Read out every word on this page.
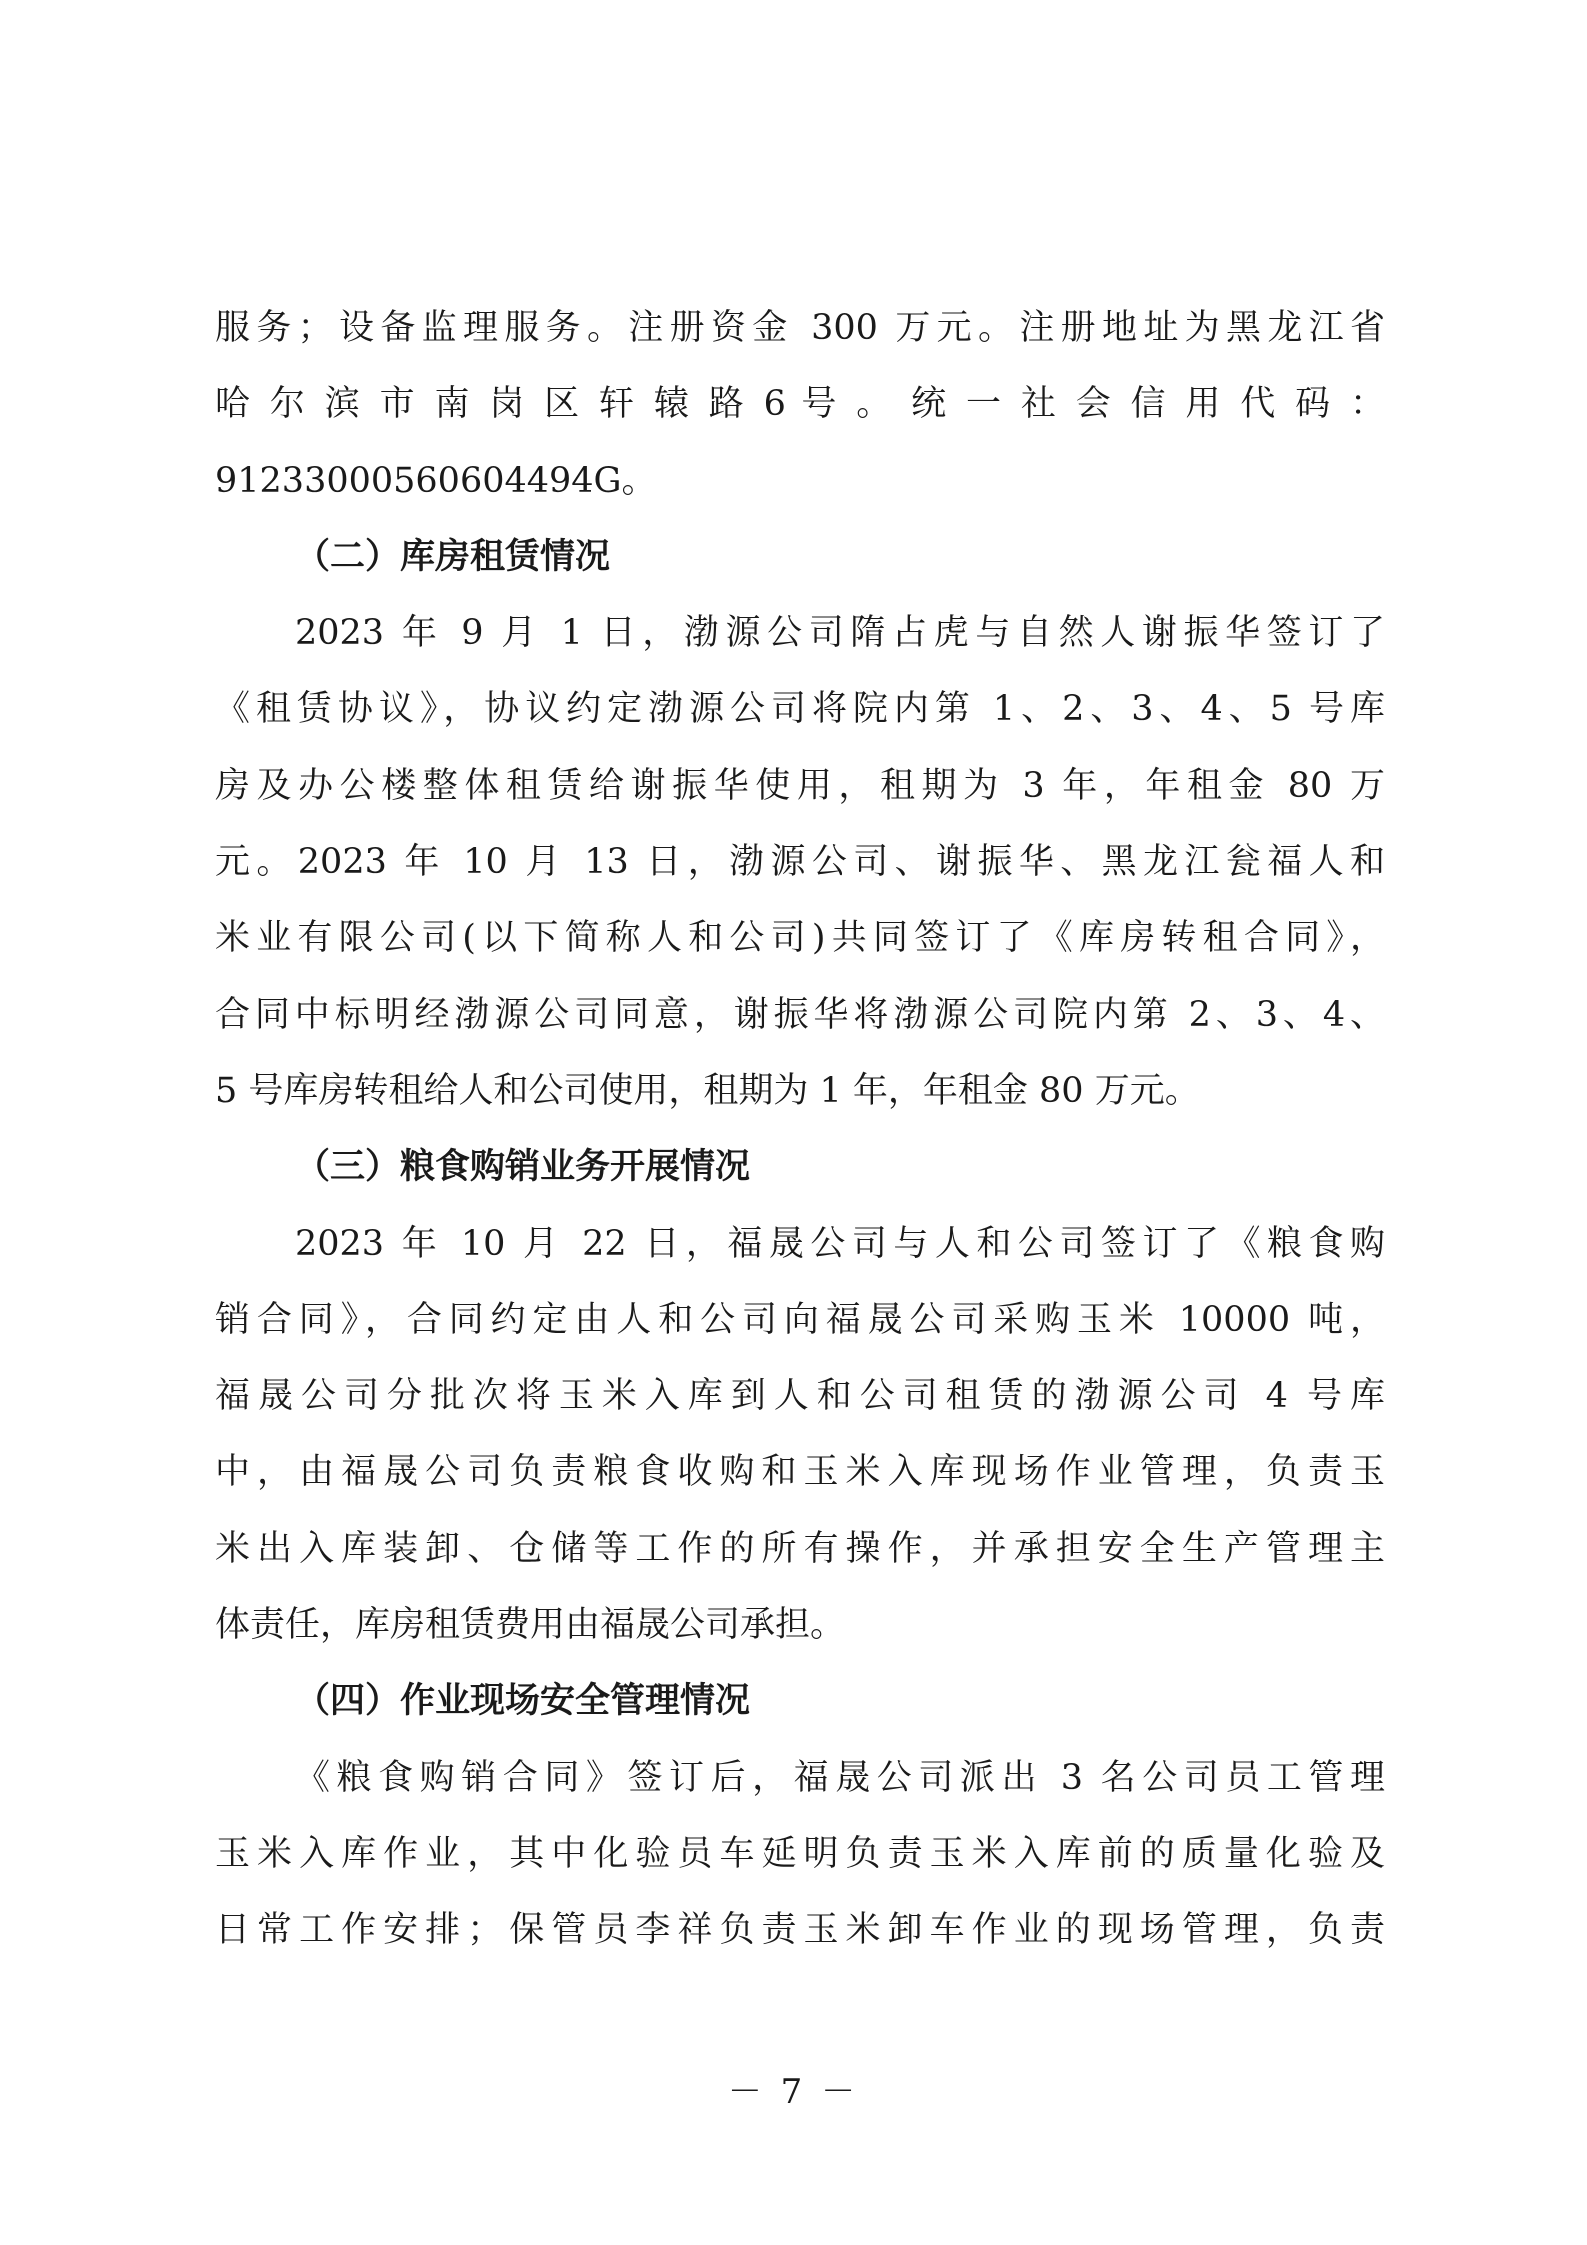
服务；设备监理服务。注册资金 300 万元。注册地址为黑龙江省
哈 尔 滨 市 南 岗 区 轩 辕 路 6 号 。 统 一 社 会 信 用 代 码 ：
91233000560604494G。
（二）库房租赁情况
2023 年 9 月 1 日，渤源公司隋占虎与自然人谢振华签订了
《租赁协议》，协议约定渤源公司将院内第 1、2、3、4、5 号库
房及办公楼整体租赁给谢振华使用，租期为 3 年，年租金 80 万
元。2023 年 10 月 13 日，渤源公司、谢振华、黑龙江瓮福人和
米业有限公司(以下简称人和公司)共同签订了《库房转租合同》，
合同中标明经渤源公司同意，谢振华将渤源公司院内第 2、3、4、
5 号库房转租给人和公司使用，租期为 1 年，年租金 80 万元。
（三）粮食购销业务开展情况
2023 年 10 月 22 日，福晟公司与人和公司签订了《粮食购
销合同》，合同约定由人和公司向福晟公司采购玉米 10000 吨，
福晟公司分批次将玉米入库到人和公司租赁的渤源公司 4 号库
中，由福晟公司负责粮食收购和玉米入库现场作业管理，负责玉
米出入库装卸、仓储等工作的所有操作，并承担安全生产管理主
体责任，库房租赁费用由福晟公司承担。
（四）作业现场安全管理情况
《粮食购销合同》签订后，福晟公司派出 3 名公司员工管理
玉米入库作业，其中化验员车延明负责玉米入库前的质量化验及
日常工作安排；保管员李祥负责玉米卸车作业的现场管理，负责
－ 7 －
